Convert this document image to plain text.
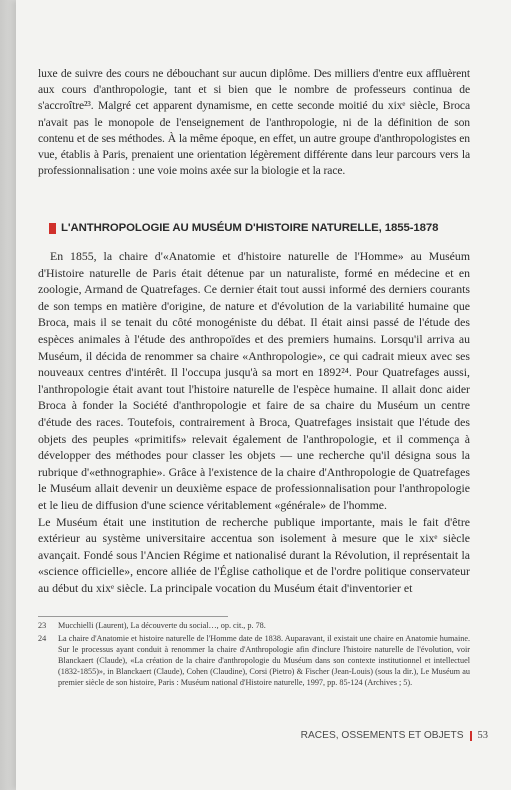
luxe de suivre des cours ne débouchant sur aucun diplôme. Des milliers d'entre eux affluèrent aux cours d'anthropologie, tant et si bien que le nombre de professeurs continua de s'accroître²³. Malgré cet apparent dynamisme, en cette seconde moitié du xixᵉ siècle, Broca n'avait pas le monopole de l'enseignement de l'anthropologie, ni de la définition de son contenu et de ses méthodes. À la même époque, en effet, un autre groupe d'anthropologistes en vue, établis à Paris, prenaient une orientation légèrement différente dans leur parcours vers la professionnalisation : une voie moins axée sur la biologie et la race.

L'ANTHROPOLOGIE AU MUSÉUM D'HISTOIRE NATURELLE, 1855-1878

En 1855, la chaire d'«Anatomie et d'histoire naturelle de l'Homme» au Muséum d'Histoire naturelle de Paris était détenue par un naturaliste, formé en médecine et en zoologie, Armand de Quatrefages. Ce dernier était tout aussi informé des derniers courants de son temps en matière d'origine, de nature et d'évolution de la variabilité humaine que Broca, mais il se tenait du côté monogéniste du débat. Il était ainsi passé de l'étude des espèces animales à l'étude des anthropoïdes et des premiers humains. Lorsqu'il arriva au Muséum, il décida de renommer sa chaire «Anthropologie», ce qui cadrait mieux avec ses nouveaux centres d'intérêt. Il l'occupa jusqu'à sa mort en 1892²⁴. Pour Quatrefages aussi, l'anthropologie était avant tout l'histoire naturelle de l'espèce humaine. Il allait donc aider Broca à fonder la Société d'anthropologie et faire de sa chaire du Muséum un centre d'étude des races. Toutefois, contrairement à Broca, Quatrefages insistait que l'étude des objets des peuples «primitifs» relevait également de l'anthropologie, et il commença à développer des méthodes pour classer les objets — une recherche qu'il désigna sous la rubrique d'«ethnographie». Grâce à l'existence de la chaire d'Anthropologie de Quatrefages le Muséum allait devenir un deuxième espace de professionnalisation pour l'anthropologie et le lieu de diffusion d'une science véritablement «générale» de l'homme.

Le Muséum était une institution de recherche publique importante, mais le fait d'être extérieur au système universitaire accentua son isolement à mesure que le xixᵉ siècle avançait. Fondé sous l'Ancien Régime et nationalisé durant la Révolution, il représentait la «science officielle», encore alliée de l'Église catholique et de l'ordre politique conservateur au début du xixᵉ siècle. La principale vocation du Muséum était d'inventorier et

23	Mucchielli (Laurent), La découverte du social…, op. cit., p. 78.
24	La chaire d'Anatomie et histoire naturelle de l'Homme date de 1838. Auparavant, il existait une chaire en Anatomie humaine. Sur le processus ayant conduit à renommer la chaire d'Anthropologie afin d'inclure l'histoire naturelle de l'évolution, voir Blanckaert (Claude), «La création de la chaire d'anthropologie du Muséum dans son contexte institutionnel et intellectuel (1832-1855)», in Blanckaert (Claude), Cohen (Claudine), Corsi (Pietro) & Fischer (Jean-Louis) (sous la dir.), Le Muséum au premier siècle de son histoire, Paris : Muséum national d'Histoire naturelle, 1997, pp. 85-124 (Archives ; 5).
RACES, OSSEMENTS ET OBJETS 53
